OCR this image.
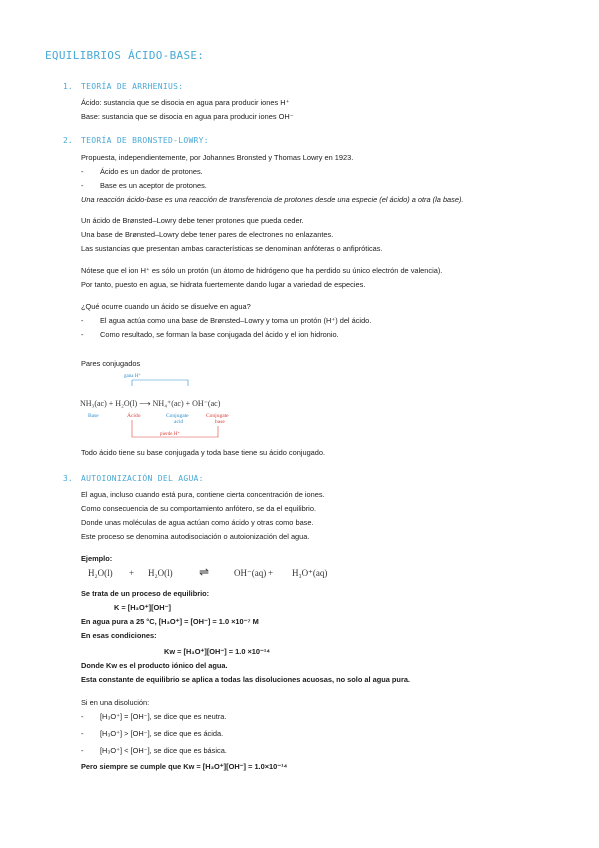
EQUILIBRIOS ÁCIDO-BASE:
1. TEORÍA DE ARRHENIUS:
Ácido: sustancia que se disocia en agua para producir iones H⁺
Base: sustancia que se disocia en agua para producir iones OH⁻
2. TEORÍA DE BRONSTED-LOWRY:
Propuesta, independientemente, por Johannes Bronsted y Thomas Lowry en 1923.
- Ácido es un dador de protones.
- Base es un aceptor de protones.
Una reacción ácido-base es una reacción de transferencia de protones desde una especie (el ácido) a otra (la base).
Un ácido de Brønsted–Lowry debe tener protones que pueda ceder.
Una base de Brønsted–Lowry debe tener pares de electrones no enlazantes.
Las sustancias que presentan ambas características se denominan anfóteras o anfipróticas.
Nótese que el ion H⁺ es sólo un protón (un átomo de hidrógeno que ha perdido su único electrón de valencia).
Por tanto, puesto en agua, se hidrata fuertemente dando lugar a variedad de especies.
¿Qué ocurre cuando un ácido se disuelve en agua?
- El agua actúa como una base de Brønsted–Lowry y toma un protón (H⁺) del ácido.
- Como resultado, se forman la base conjugada del ácido y el ion hidronio.
Pares conjugados
gana H⁺
NH₃(ac) + H₂O(l) ⟶ NH₄⁺(ac) + OH⁻(ac)
Base	Ácido	Conjugate
acid
Conjugate
base
pierde H⁺
Todo ácido tiene su base conjugada y toda base tiene su ácido conjugado.
3. AUTOIONIZACIÓN DEL AGUA:
El agua, incluso cuando está pura, contiene cierta concentración de iones.
Como consecuencia de su comportamiento anfótero, se da el equilibrio.
Donde unas moléculas de agua actúan como ácido y otras como base.
Este proceso se denomina autodisociación o autoionización del agua.
Ejemplo:
H₂O(l) + H₂O(l) ⇌	OH⁻(aq) + H₃O⁺(aq)
Se trata de un proceso de equilibrio:
K = [H₃O⁺][OH⁻]
En agua pura a 25 °C, [H₃O⁺] = [OH⁻] = 1.0 ×10⁻⁷ M
En esas condiciones:
Kw = [H₃O⁺][OH⁻] = 1.0 ×10⁻¹⁴
Donde Kw es el producto iónico del agua.
Esta constante de equilibrio se aplica a todas las disoluciones acuosas, no solo al agua pura.
Si en una disolución:
- [H₃O⁺] = [OH⁻], se dice que es neutra.
- [H₃O⁺] > [OH⁻], se dice que es ácida.
- [H₃O⁺] < [OH⁻], se dice que es básica.
Pero siempre se cumple que Kw = [H₃O⁺][OH⁻] = 1.0×10⁻¹⁴
